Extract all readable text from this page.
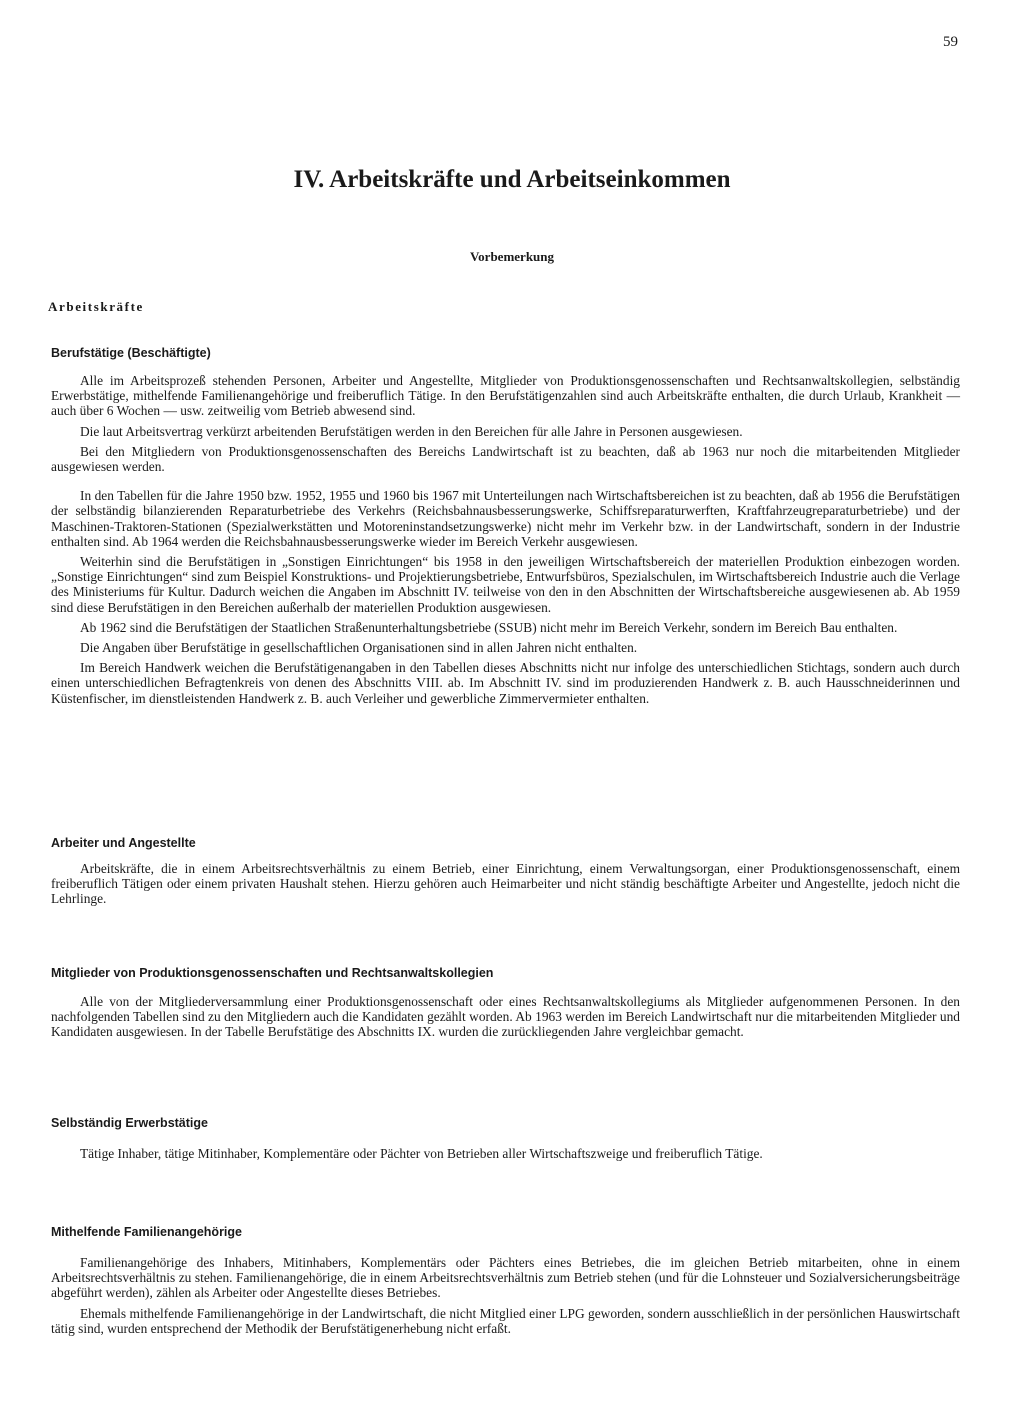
59
IV. Arbeitskräfte und Arbeitseinkommen
Vorbemerkung
Arbeitskräfte
Berufstätige (Beschäftigte)

Alle im Arbeitsprozeß stehenden Personen, Arbeiter und Angestellte, Mitglieder von Produktionsgenossenschaften und Rechtsanwaltskollegien, selbständig Erwerbstätige, mithelfende Familienangehörige und freiberuflich Tätige. In den Berufstätigenzahlen sind auch Arbeitskräfte enthalten, die durch Urlaub, Krankheit — auch über 6 Wochen — usw. zeitweilig vom Betrieb abwesend sind.

Die laut Arbeitsvertrag verkürzt arbeitenden Berufstätigen werden in den Bereichen für alle Jahre in Personen ausgewiesen.

Bei den Mitgliedern von Produktionsgenossenschaften des Bereichs Landwirtschaft ist zu beachten, daß ab 1963 nur noch die mitarbeitenden Mitglieder ausgewiesen werden.

In den Tabellen für die Jahre 1950 bzw. 1952, 1955 und 1960 bis 1967 mit Unterteilungen nach Wirtschaftsbereichen ist zu beachten, daß ab 1956 die Berufstätigen der selbständig bilanzierenden Reparaturbetriebe des Verkehrs (Reichsbahnausbesserungswerke, Schiffsreparaturwerften, Kraftfahrzeugreparaturbetriebe) und der Maschinen-Traktoren-Stationen (Spezialwerkstätten und Motoreninstandsetzungswerke) nicht mehr im Verkehr bzw. in der Landwirtschaft, sondern in der Industrie enthalten sind. Ab 1964 werden die Reichsbahnausbesserungswerke wieder im Bereich Verkehr ausgewiesen.

Weiterhin sind die Berufstätigen in „Sonstigen Einrichtungen“ bis 1958 in den jeweiligen Wirtschaftsbereich der materiellen Produktion einbezogen worden. „Sonstige Einrichtungen“ sind zum Beispiel Konstruktions- und Projektierungsbetriebe, Entwurfsbüros, Spezialschulen, im Wirtschaftsbereich Industrie auch die Verlage des Ministeriums für Kultur. Dadurch weichen die Angaben im Abschnitt IV. teilweise von den in den Abschnitten der Wirtschaftsbereiche ausgewiesenen ab. Ab 1959 sind diese Berufstätigen in den Bereichen außerhalb der materiellen Produktion ausgewiesen.

Ab 1962 sind die Berufstätigen der Staatlichen Straßenunterhaltungsbetriebe (SSUB) nicht mehr im Bereich Verkehr, sondern im Bereich Bau enthalten.

Die Angaben über Berufstätige in gesellschaftlichen Organisationen sind in allen Jahren nicht enthalten.

Im Bereich Handwerk weichen die Berufstätigenangaben in den Tabellen dieses Abschnitts nicht nur infolge des unterschiedlichen Stichtags, sondern auch durch einen unterschiedlichen Befragtenkreis von denen des Abschnitts VIII. ab. Im Abschnitt IV. sind im produzierenden Handwerk z. B. auch Hausschneiderinnen und Küstenfischer, im dienstleistenden Handwerk z. B. auch Verleiher und gewerbliche Zimmervermieter enthalten.

Arbeiter und Angestellte

Arbeitskräfte, die in einem Arbeitsrechtsverhältnis zu einem Betrieb, einer Einrichtung, einem Verwaltungsorgan, einer Produktionsgenossenschaft, einem freiberuflich Tätigen oder einem privaten Haushalt stehen. Hierzu gehören auch Heimarbeiter und nicht ständig beschäftigte Arbeiter und Angestellte, jedoch nicht die Lehrlinge.

Mitglieder von Produktionsgenossenschaften und Rechtsanwaltskollegien

Alle von der Mitgliederversammlung einer Produktionsgenossenschaft oder eines Rechtsanwaltskollegiums als Mitglieder aufgenommenen Personen. In den nachfolgenden Tabellen sind zu den Mitgliedern auch die Kandidaten gezählt worden. Ab 1963 werden im Bereich Landwirtschaft nur die mitarbeitenden Mitglieder und Kandidaten ausgewiesen. In der Tabelle Berufstätige des Abschnitts IX. wurden die zurückliegenden Jahre vergleichbar gemacht.

Selbständig Erwerbstätige

Tätige Inhaber, tätige Mitinhaber, Komplementäre oder Pächter von Betrieben aller Wirtschaftszweige und freiberuflich Tätige.

Mithelfende Familienangehörige

Familienangehörige des Inhabers, Mitinhabers, Komplementärs oder Pächters eines Betriebes, die im gleichen Betrieb mitarbeiten, ohne in einem Arbeitsrechtsverhältnis zu stehen. Familienangehörige, die in einem Arbeitsrechtsverhältnis zum Betrieb stehen (und für die Lohnsteuer und Sozialversicherungsbeiträge abgeführt werden), zählen als Arbeiter oder Angestellte dieses Betriebes.

Ehemals mithelfende Familienangehörige in der Landwirtschaft, die nicht Mitglied einer LPG geworden, sondern ausschließlich in der persönlichen Hauswirtschaft tätig sind, wurden entsprechend der Methodik der Berufstätigenerhebung nicht erfaßt.
